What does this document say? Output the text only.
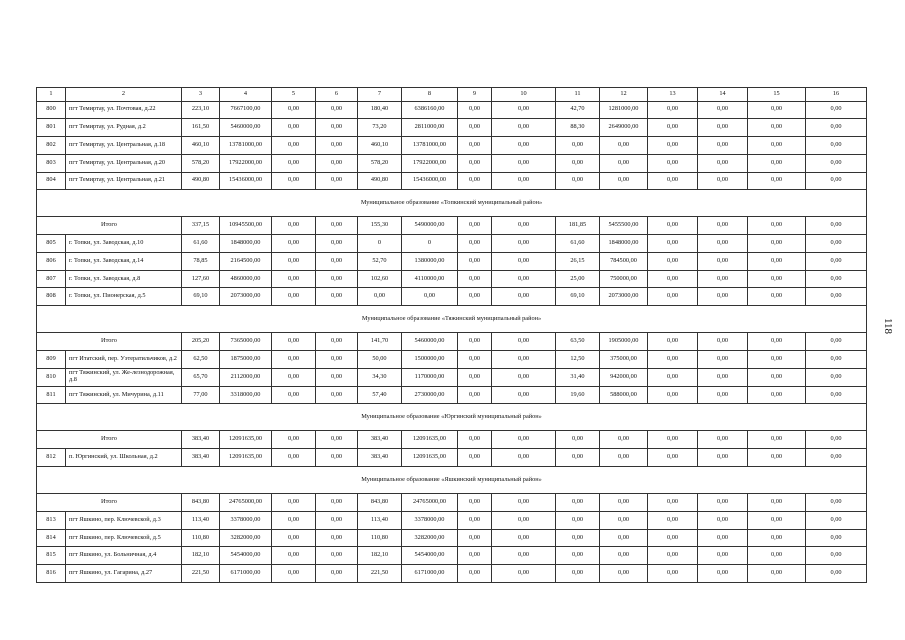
1	2	3	4	5	6	7	8	9	10	11	12	13	14	15	16
800	пгт Темиртау, ул. Почтовая, д.22	223,10	7667100,00	0,00	0,00	180,40	6386160,00	0,00	0,00	42,70	1281000,00	0,00	0,00	0,00	0,00
801	пгт Темиртау, ул. Рудная, д.2	161,50	5460000,00	0,00	0,00	73,20	2811000,00	0,00	0,00	88,30	2649000,00	0,00	0,00	0,00	0,00
802	пгт Темиртау, ул. Центральная, д.18	460,10	13781000,00	0,00	0,00	460,10	13781000,00	0,00	0,00	0,00	0,00	0,00	0,00	0,00	0,00
803	пгт Темиртау, ул. Центральная, д.20	578,20	17922000,00	0,00	0,00	578,20	17922000,00	0,00	0,00	0,00	0,00	0,00	0,00	0,00	0,00
804	пгт Темиртау, ул. Центральная, д.21	490,80	15436000,00	0,00	0,00	490,80	15436000,00	0,00	0,00	0,00	0,00	0,00	0,00	0,00	0,00
Муниципальное образование «Топкинский муниципальный район»															
Итого		337,15	10945500,00	0,00	0,00	155,30	5490000,00	0,00	0,00	181,85	5455500,00	0,00	0,00	0,00	0,00
805	г. Топки, ул. Заводская, д.10	61,60	1848000,00	0,00	0,00	0	0	0,00	0,00	61,60	1848000,00	0,00	0,00	0,00	0,00
806	г. Топки, ул. Заводская, д.14	78,85	2164500,00	0,00	0,00	52,70	1380000,00	0,00	0,00	26,15	784500,00	0,00	0,00	0,00	0,00
807	г. Топки, ул. Заводская, д.8	127,60	4860000,00	0,00	0,00	102,60	4110000,00	0,00	0,00	25,00	750000,00	0,00	0,00	0,00	0,00
808	г. Топки, ул. Пионерская, д.5	69,10	2073000,00	0,00	0,00	0,00	0,00	0,00	0,00	69,10	2073000,00	0,00	0,00	0,00	0,00
Муниципальное образование «Тяжинский муниципальный район»															
Итого		205,20	7365000,00	0,00	0,00	141,70	5460000,00	0,00	0,00	63,50	1905000,00	0,00	0,00	0,00	0,00
809	пгт Итатский, пер. Уэтератильчиков, д.2	62,50	1875000,00	0,00	0,00	50,00	1500000,00	0,00	0,00	12,50	375000,00	0,00	0,00	0,00	0,00
810	пгт Тяжинский, ул. Же-лезнодорожная, д.8	65,70	2112000,00	0,00	0,00	34,30	1170000,00	0,00	0,00	31,40	942000,00	0,00	0,00	0,00	0,00
811	пгт Тяжинский, ул. Мичурина, д.11	77,00	3318000,00	0,00	0,00	57,40	2730000,00	0,00	0,00	19,60	588000,00	0,00	0,00	0,00	0,00
Муниципальное образование «Юргинский муниципальный район»															
Итого		383,40	12091635,00	0,00	0,00	383,40	12091635,00	0,00	0,00	0,00	0,00	0,00	0,00	0,00	0,00
812	п. Юргинский, ул. Школьная, д.2	383,40	12091635,00	0,00	0,00	383,40	12091635,00	0,00	0,00	0,00	0,00	0,00	0,00	0,00	0,00
Муниципальное образование «Яшкинский муниципальный район»															
Итого		843,80	24765000,00	0,00	0,00	843,80	24765000,00	0,00	0,00	0,00	0,00	0,00	0,00	0,00	0,00
813	пгт Яшкино, пер. Ключевской, д.3	113,40	3378000,00	0,00	0,00	113,40	3378000,00	0,00	0,00	0,00	0,00	0,00	0,00	0,00	0,00
814	пгт Яшкино, пер. Ключевской, д.5	110,80	3282000,00	0,00	0,00	110,80	3282000,00	0,00	0,00	0,00	0,00	0,00	0,00	0,00	0,00
815	пгт Яшкино, ул. Больничная, д.4	182,10	5454000,00	0,00	0,00	182,10	5454000,00	0,00	0,00	0,00	0,00	0,00	0,00	0,00	0,00
816	пгт Яшкино, ул. Гагарина, д.27	221,50	6171000,00	0,00	0,00	221,50	6171000,00	0,00	0,00	0,00	0,00	0,00	0,00	0,00	0,00
118
